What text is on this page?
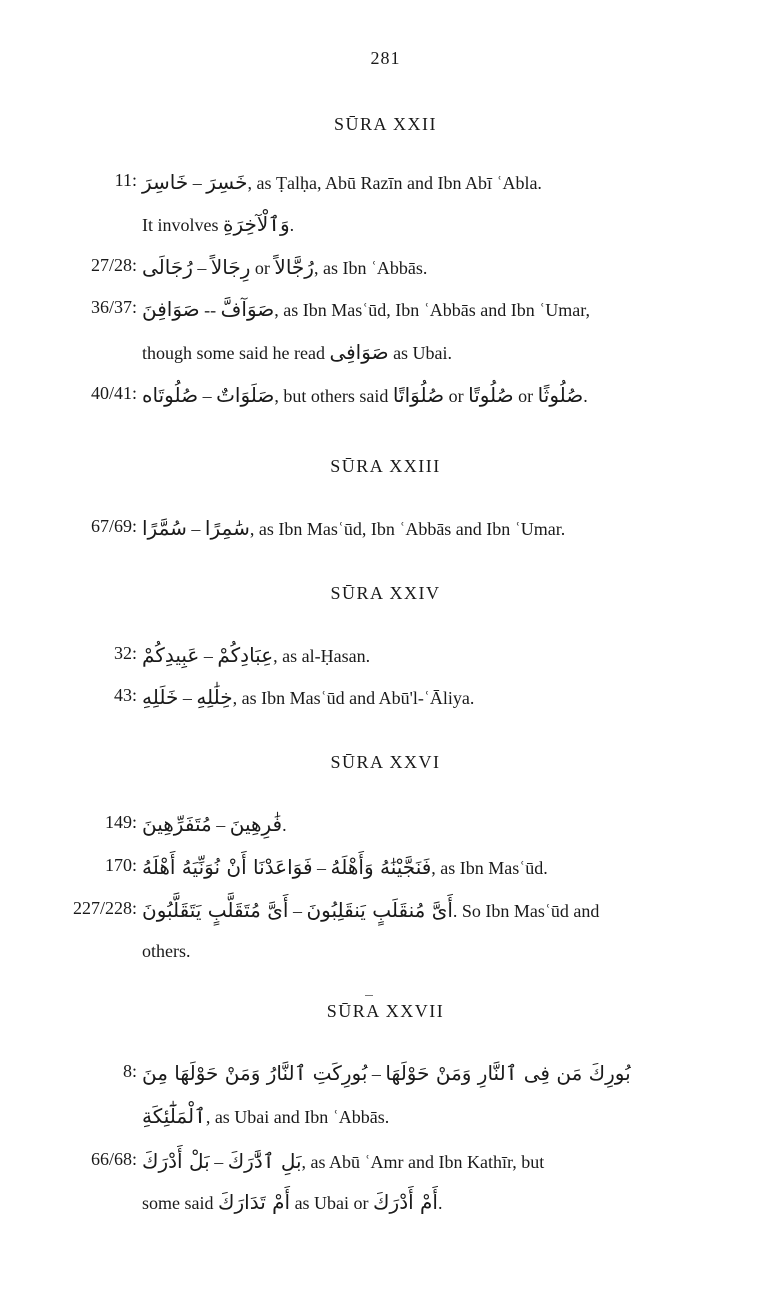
281
SŪRA XXII
11:	خَسِرَ – خَاسِرَ	, as Ṭalḥa, Abū Razīn and Ibn Abī ʿAbla.
It involves وَٱلْآخِرَةِ.
27/28:	رِجَالاً – رُجَالَى	or رُجَّالاً, as Ibn ʿAbbās.
36/37:	صَوَآفَّ -- صَوَافِنَ	, as Ibn Masʿūd, Ibn ʿAbbās and Ibn ʿUmar,
though some said he read صَوَافِى as Ubai.
40/41:	صَلَوَاتٌ – صُلُوتَاه	, but others said صُلُوَاتًا or صُلُوتًا or صُلُوثًا.
SŪRA XXIII
67/69:	سَٰمِرًا – سُمَّرًا	, as Ibn Masʿūd, Ibn ʿAbbās and Ibn ʿUmar.
SŪRA XXIV
32:	عِبَادِكُمْ – عَبِيدِكُمْ	, as al-Ḥasan.
43:	خِلَٰلِهِ – خَلَلِهِ	, as Ibn Masʿūd and Abū'l-ʿĀliya.
SŪRA XXVI
149:	فَٰرِهِينَ – مُتَفَرِّهِينَ	.
170:	فَنَجَّيْنَٰهُ وَأَهْلَهُ – فَوَاعَدْنَا أَنْ نُوَنِّيَهُ أَهْلَهُ	, as Ibn Masʿūd.
227/228:	أَىَّ مُنقَلَبٍ يَنقَلِبُونَ – أَىَّ مُتَقَلَّبٍ يَتَقَلَّبُونَ	. So Ibn Masʿūd and
others.
SŪRA XXVII
8:	بُورِكَ مَن فِى ٱلنَّارِ وَمَنْ حَوْلَهَا – بُورِكَتِ ٱلنَّارُ وَمَنْ حَوْلَهَا مِنَ
ٱلْمَلَٰٓئِكَةِ, as Ubai and Ibn ʿAbbās.
66/68:	بَلِ ٱدَّٰرَكَ – بَلْ أَدْرَكَ	, as Abū ʿAmr and Ibn Kathīr, but
some said أَمْ تَدَارَكَ as Ubai or أَمْ أَدْرَكَ.
